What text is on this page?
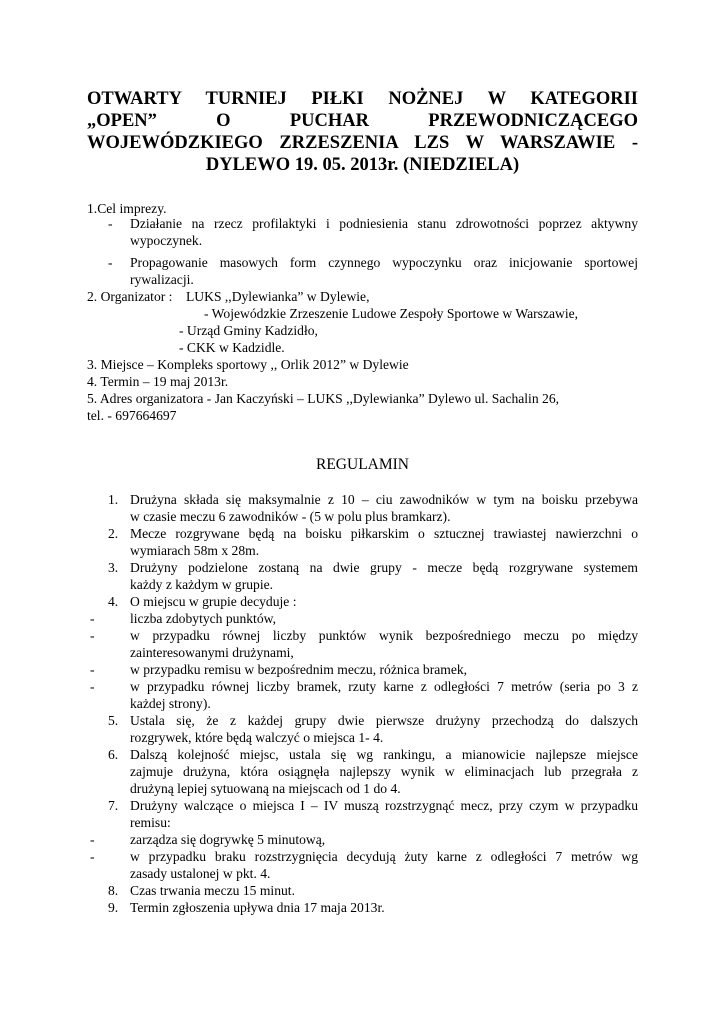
OTWARTY TURNIEJ PIŁKI NOŻNEJ W KATEGORII
„OPEN” O PUCHAR PRZEWODNICZĄCEGO
WOJEWÓDZKIEGO ZRZESZENIA LZS W WARSZAWIE -
DYLEWO 19. 05. 2013r. (NIEDZIELA)
1.Cel imprezy.
- Działanie na rzecz profilaktyki i podniesienia stanu zdrowotności poprzez aktywny
wypoczynek.
- Propagowanie masowych form czynnego wypoczynku oraz inicjowanie sportowej
rywalizacji.
2. Organizator : LUKS ,,Dylewianka” w Dylewie,
- Wojewódzkie Zrzeszenie Ludowe Zespoły Sportowe w Warszawie,
- Urząd Gminy Kadzidło,
- CKK w Kadzidle.
3. Miejsce – Kompleks sportowy ,, Orlik 2012” w Dylewie
4. Termin – 19 maj 2013r.
5. Adres organizatora - Jan Kaczyński – LUKS ,,Dylewianka” Dylewo ul. Sachalin 26,
tel. - 697664697
REGULAMIN
1. Drużyna składa się maksymalnie z 10 – ciu zawodników w tym na boisku przebywa
w czasie meczu 6 zawodników - (5 w polu plus bramkarz).
2. Mecze rozgrywane będą na boisku piłkarskim o sztucznej trawiastej nawierzchni o
wymiarach 58m x 28m.
3. Drużyny podzielone zostaną na dwie grupy - mecze będą rozgrywane systemem
każdy z każdym w grupie.
4. O miejscu w grupie decyduje :
-	liczba zdobytych punktów,
-	w przypadku równej liczby punktów wynik bezpośredniego meczu po między
zainteresowanymi drużynami,
-	w przypadku remisu w bezpośrednim meczu, różnica bramek,
-	w przypadku równej liczby bramek, rzuty karne z odległości 7 metrów (seria po 3 z
każdej strony).
5. Ustala się, że z każdej grupy dwie pierwsze drużyny przechodzą do dalszych
rozgrywek, które będą walczyć o miejsca 1- 4.
6. Dalszą kolejność miejsc, ustala się wg rankingu, a mianowicie najlepsze miejsce
zajmuje drużyna, która osiągnęła najlepszy wynik w eliminacjach lub przegrała z
drużyną lepiej sytuowaną na miejscach od 1 do 4.
7. Drużyny walczące o miejsca I – IV muszą rozstrzygnąć mecz, przy czym w przypadku
remisu:
-	zarządza się dogrywkę 5 minutową,
-	w przypadku braku rozstrzygnięcia decydują żuty karne z odległości 7 metrów wg
zasady ustalonej w pkt. 4.
8. Czas trwania meczu 15 minut.
9. Termin zgłoszenia upływa dnia 17 maja 2013r.
